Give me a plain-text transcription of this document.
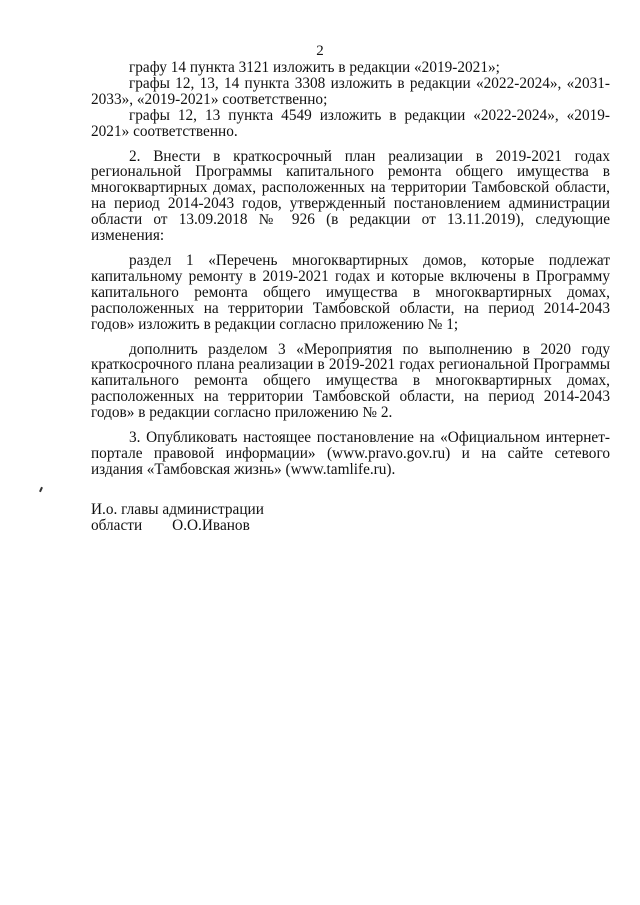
2

графу 14 пункта 3121 изложить в редакции «2019-2021»;

графы 12, 13, 14 пункта 3308 изложить в редакции «2022-2024», «2031-2033», «2019-2021» соответственно;

графы 12, 13 пункта 4549 изложить в редакции «2022-2024», «2019-2021» соответственно.

2. Внести в краткосрочный план реализации в 2019-2021 годах региональной Программы капитального ремонта общего имущества в многоквартирных домах, расположенных на территории Тамбовской области, на период 2014-2043 годов, утвержденный постановлением администрации области от 13.09.2018 № 926 (в редакции от 13.11.2019), следующие изменения:

раздел 1 «Перечень многоквартирных домов, которые подлежат капитальному ремонту в 2019-2021 годах и которые включены в Программу капитального ремонта общего имущества в многоквартирных домах, расположенных на территории Тамбовской области, на период 2014-2043 годов» изложить в редакции согласно приложению № 1;

дополнить разделом 3 «Мероприятия по выполнению в 2020 году краткосрочного плана реализации в 2019-2021 годах региональной Программы капитального ремонта общего имущества в многоквартирных домах, расположенных на территории Тамбовской области, на период 2014-2043 годов» в редакции согласно приложению № 2.

3. Опубликовать настоящее постановление на «Официальном интернет-портале правовой информации» (www.pravo.gov.ru) и на сайте сетевого издания «Тамбовская жизнь» (www.tamlife.ru).

И.о. главы администрации
области О.О.Иванов
